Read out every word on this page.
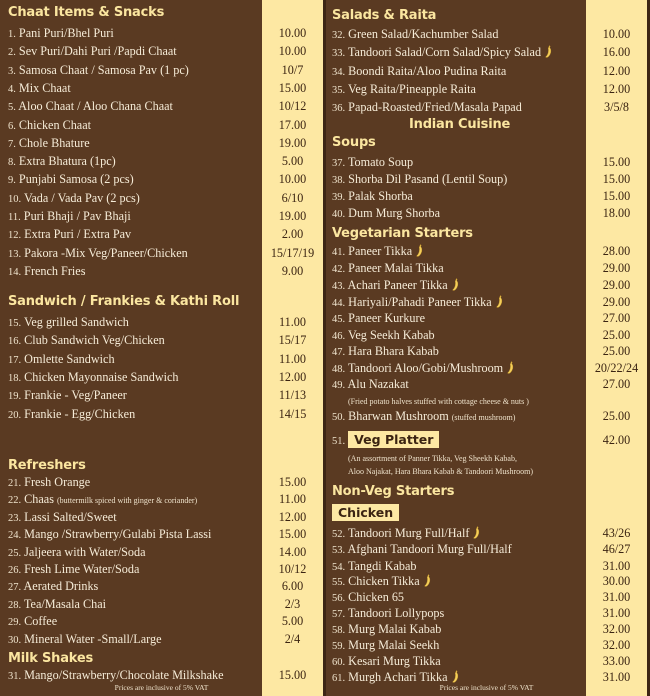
Chaat Items & Snacks
1. Pani Puri/Bhel Puri	10.00
2. Sev Puri/Dahi Puri /Papdi Chaat	10.00
3. Samosa Chaat / Samosa Pav (1 pc)	10/7
4. Mix Chaat	15.00
5. Aloo Chaat / Aloo Chana Chaat	10/12
6. Chicken Chaat	17.00
7. Chole Bhature	19.00
8. Extra Bhatura (1pc)	5.00
9. Punjabi Samosa (2 pcs)	10.00
10. Vada / Vada Pav (2 pcs)	6/10
11. Puri Bhaji / Pav Bhaji	19.00
12. Extra Puri / Extra Pav	2.00
13. Pakora -Mix Veg/Paneer/Chicken	15/17/19
14. French Fries	9.00
Sandwich / Frankies & Kathi Roll
15. Veg grilled Sandwich	11.00
16. Club Sandwich Veg/Chicken	15/17
17. Omlette Sandwich	11.00
18. Chicken Mayonnaise Sandwich	12.00
19. Frankie - Veg/Paneer	11/13
20. Frankie - Egg/Chicken	14/15
Refreshers
21. Fresh Orange	15.00
22. Chaas (buttermilk spiced with ginger & coriander)	11.00
23. Lassi Salted/Sweet	12.00
24. Mango /Strawberry/Gulabi Pista Lassi	15.00
25. Jaljeera with Water/Soda	14.00
26. Fresh Lime Water/Soda	10/12
27. Aerated Drinks	6.00
28. Tea/Masala Chai	2/3
29. Coffee	5.00
30. Mineral Water -Small/Large	2/4
Milk Shakes
31. Mango/Strawberry/Chocolate Milkshake	15.00
Prices are inclusive of 5% VAT
Salads & Raita
32. Green Salad/Kachumber Salad	10.00
33. Tandoori Salad/Corn Salad/Spicy Salad	16.00
34. Boondi Raita/Aloo Pudina Raita	12.00
35. Veg Raita/Pineapple Raita	12.00
36. Papad-Roasted/Fried/Masala Papad	3/5/8
Indian Cuisine
Soups
37. Tomato Soup	15.00
38. Shorba Dil Pasand (Lentil Soup)	15.00
39. Palak Shorba	15.00
40. Dum Murg Shorba	18.00
Vegetarian Starters
41. Paneer Tikka	28.00
42. Paneer Malai Tikka	29.00
43. Achari Paneer Tikka	29.00
44. Hariyali/Pahadi Paneer Tikka	29.00
45. Paneer Kurkure	27.00
46. Veg Seekh Kabab	25.00
47. Hara Bhara Kabab	25.00
48. Tandoori Aloo/Gobi/Mushroom	20/22/24
49. Alu Nazakat	27.00
50. Bharwan Mushroom (stuffed mushroom)	25.00
51. Veg Platter	42.00
(Fried potato halves stuffed with cottage cheese & nuts )
(An assortment of Panner Tikka, Veg Sheekh Kabab,
Aloo Najakat, Hara Bhara Kabab & Tandoori Mushroom)
Non-Veg Starters
Chicken
52. Tandoori Murg Full/Half	43/26
53. Afghani Tandoori Murg Full/Half	46/27
54. Tangdi Kabab	31.00
55. Chicken Tikka	30.00
56. Chicken 65	31.00
57. Tandoori Lollypops	31.00
58. Murg Malai Kabab	32.00
59. Murg Malai Seekh	32.00
60. Kesari Murg Tikka	33.00
61. Murgh Achari Tikka	31.00
Prices are inclusive of 5% VAT
